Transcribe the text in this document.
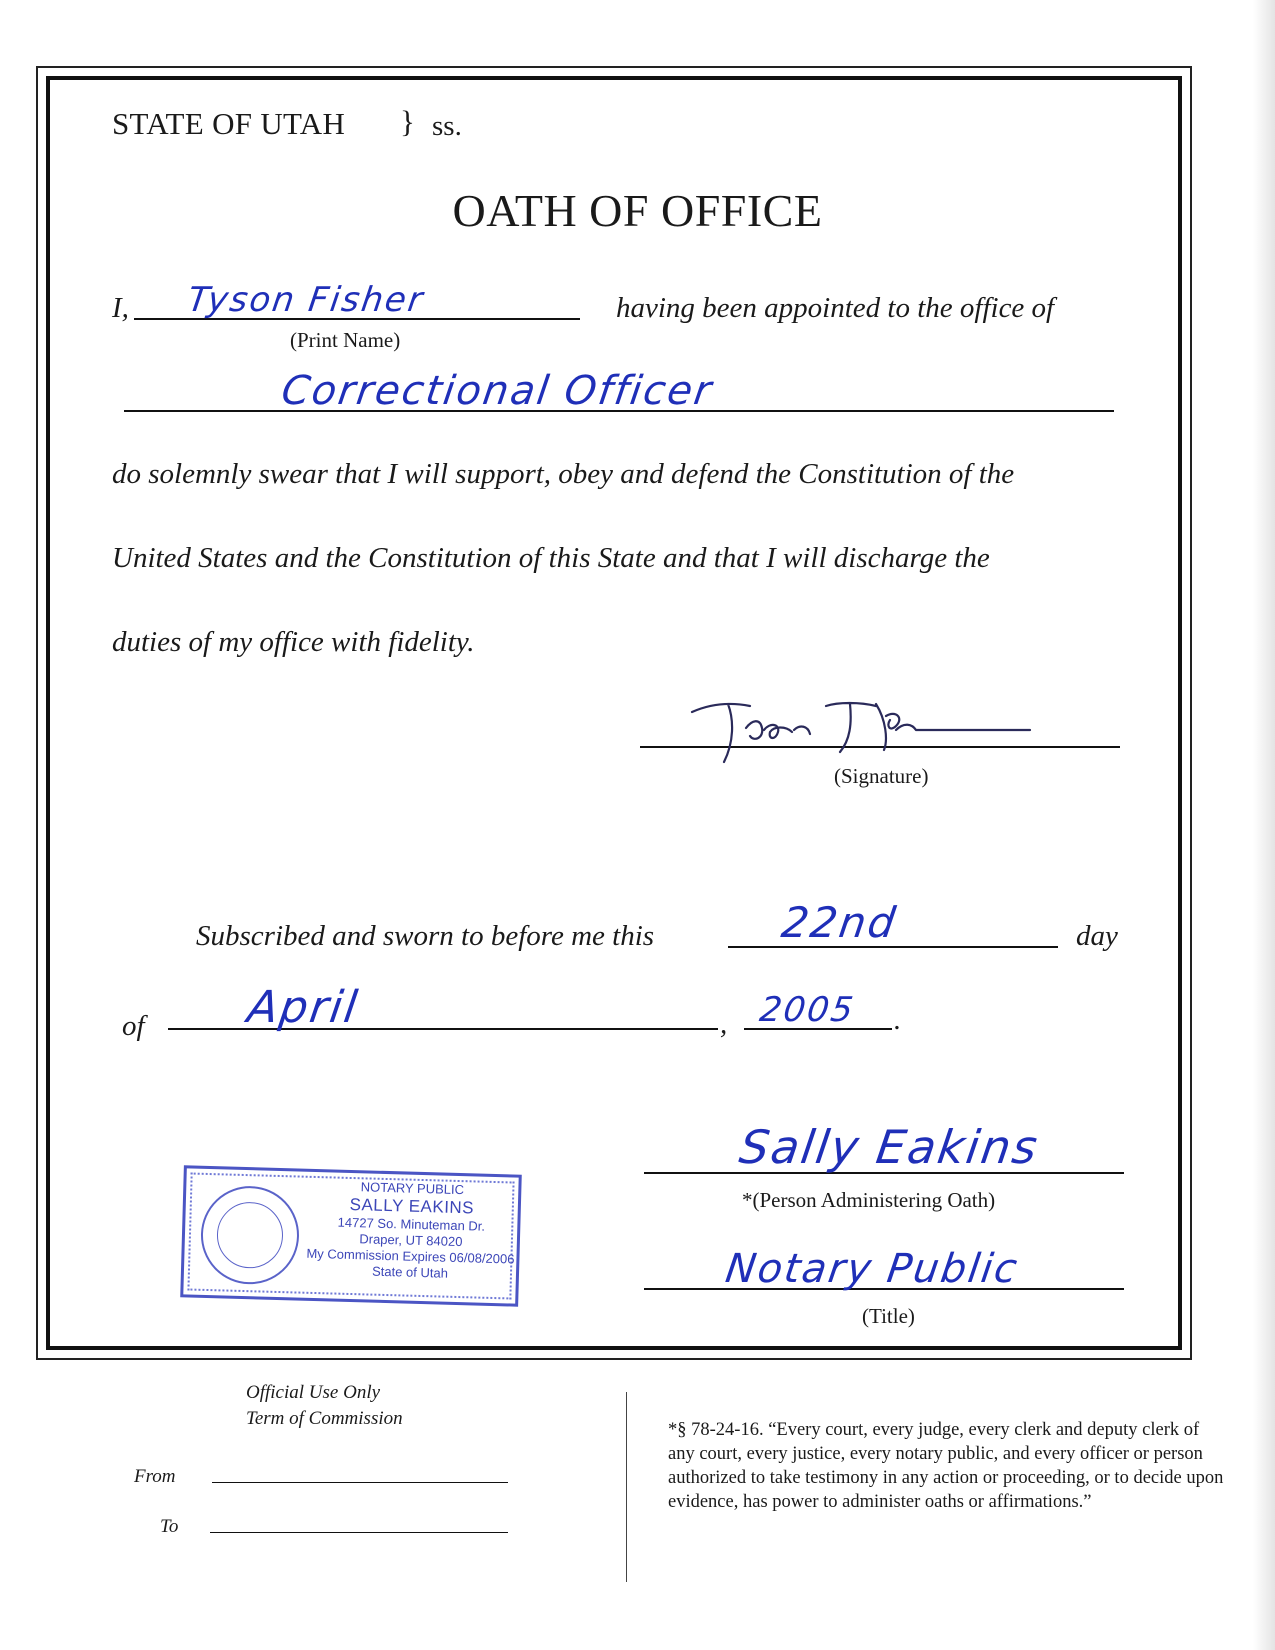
STATE OF UTAH } ss.
OATH OF OFFICE
I, Tyson Fisher
(Print Name)
having been appointed to the office of
Correctional Officer
do solemnly swear that I will support, obey and defend the Constitution of the
United States and the Constitution of this State and that I will discharge the
duties of my office with fidelity.
(Signature)
Subscribed and sworn to before me this	22nd	day
of April	, 2005 .
Sally Eakins
*(Person Administering Oath)
Notary Public
(Title)
NOTARY PUBLIC
SALLY EAKINS
14727 So. Minuteman Dr.
Draper, UT 84020
My Commission Expires 06/08/2006
State of Utah
Official Use Only
Term of Commission
From
To
*§ 78-24-16. “Every court, every judge, every clerk and deputy clerk of any court, every justice, every notary public, and every officer or person authorized to take testimony in any action or proceeding, or to decide upon evidence, has power to administer oaths or affirmations.”
